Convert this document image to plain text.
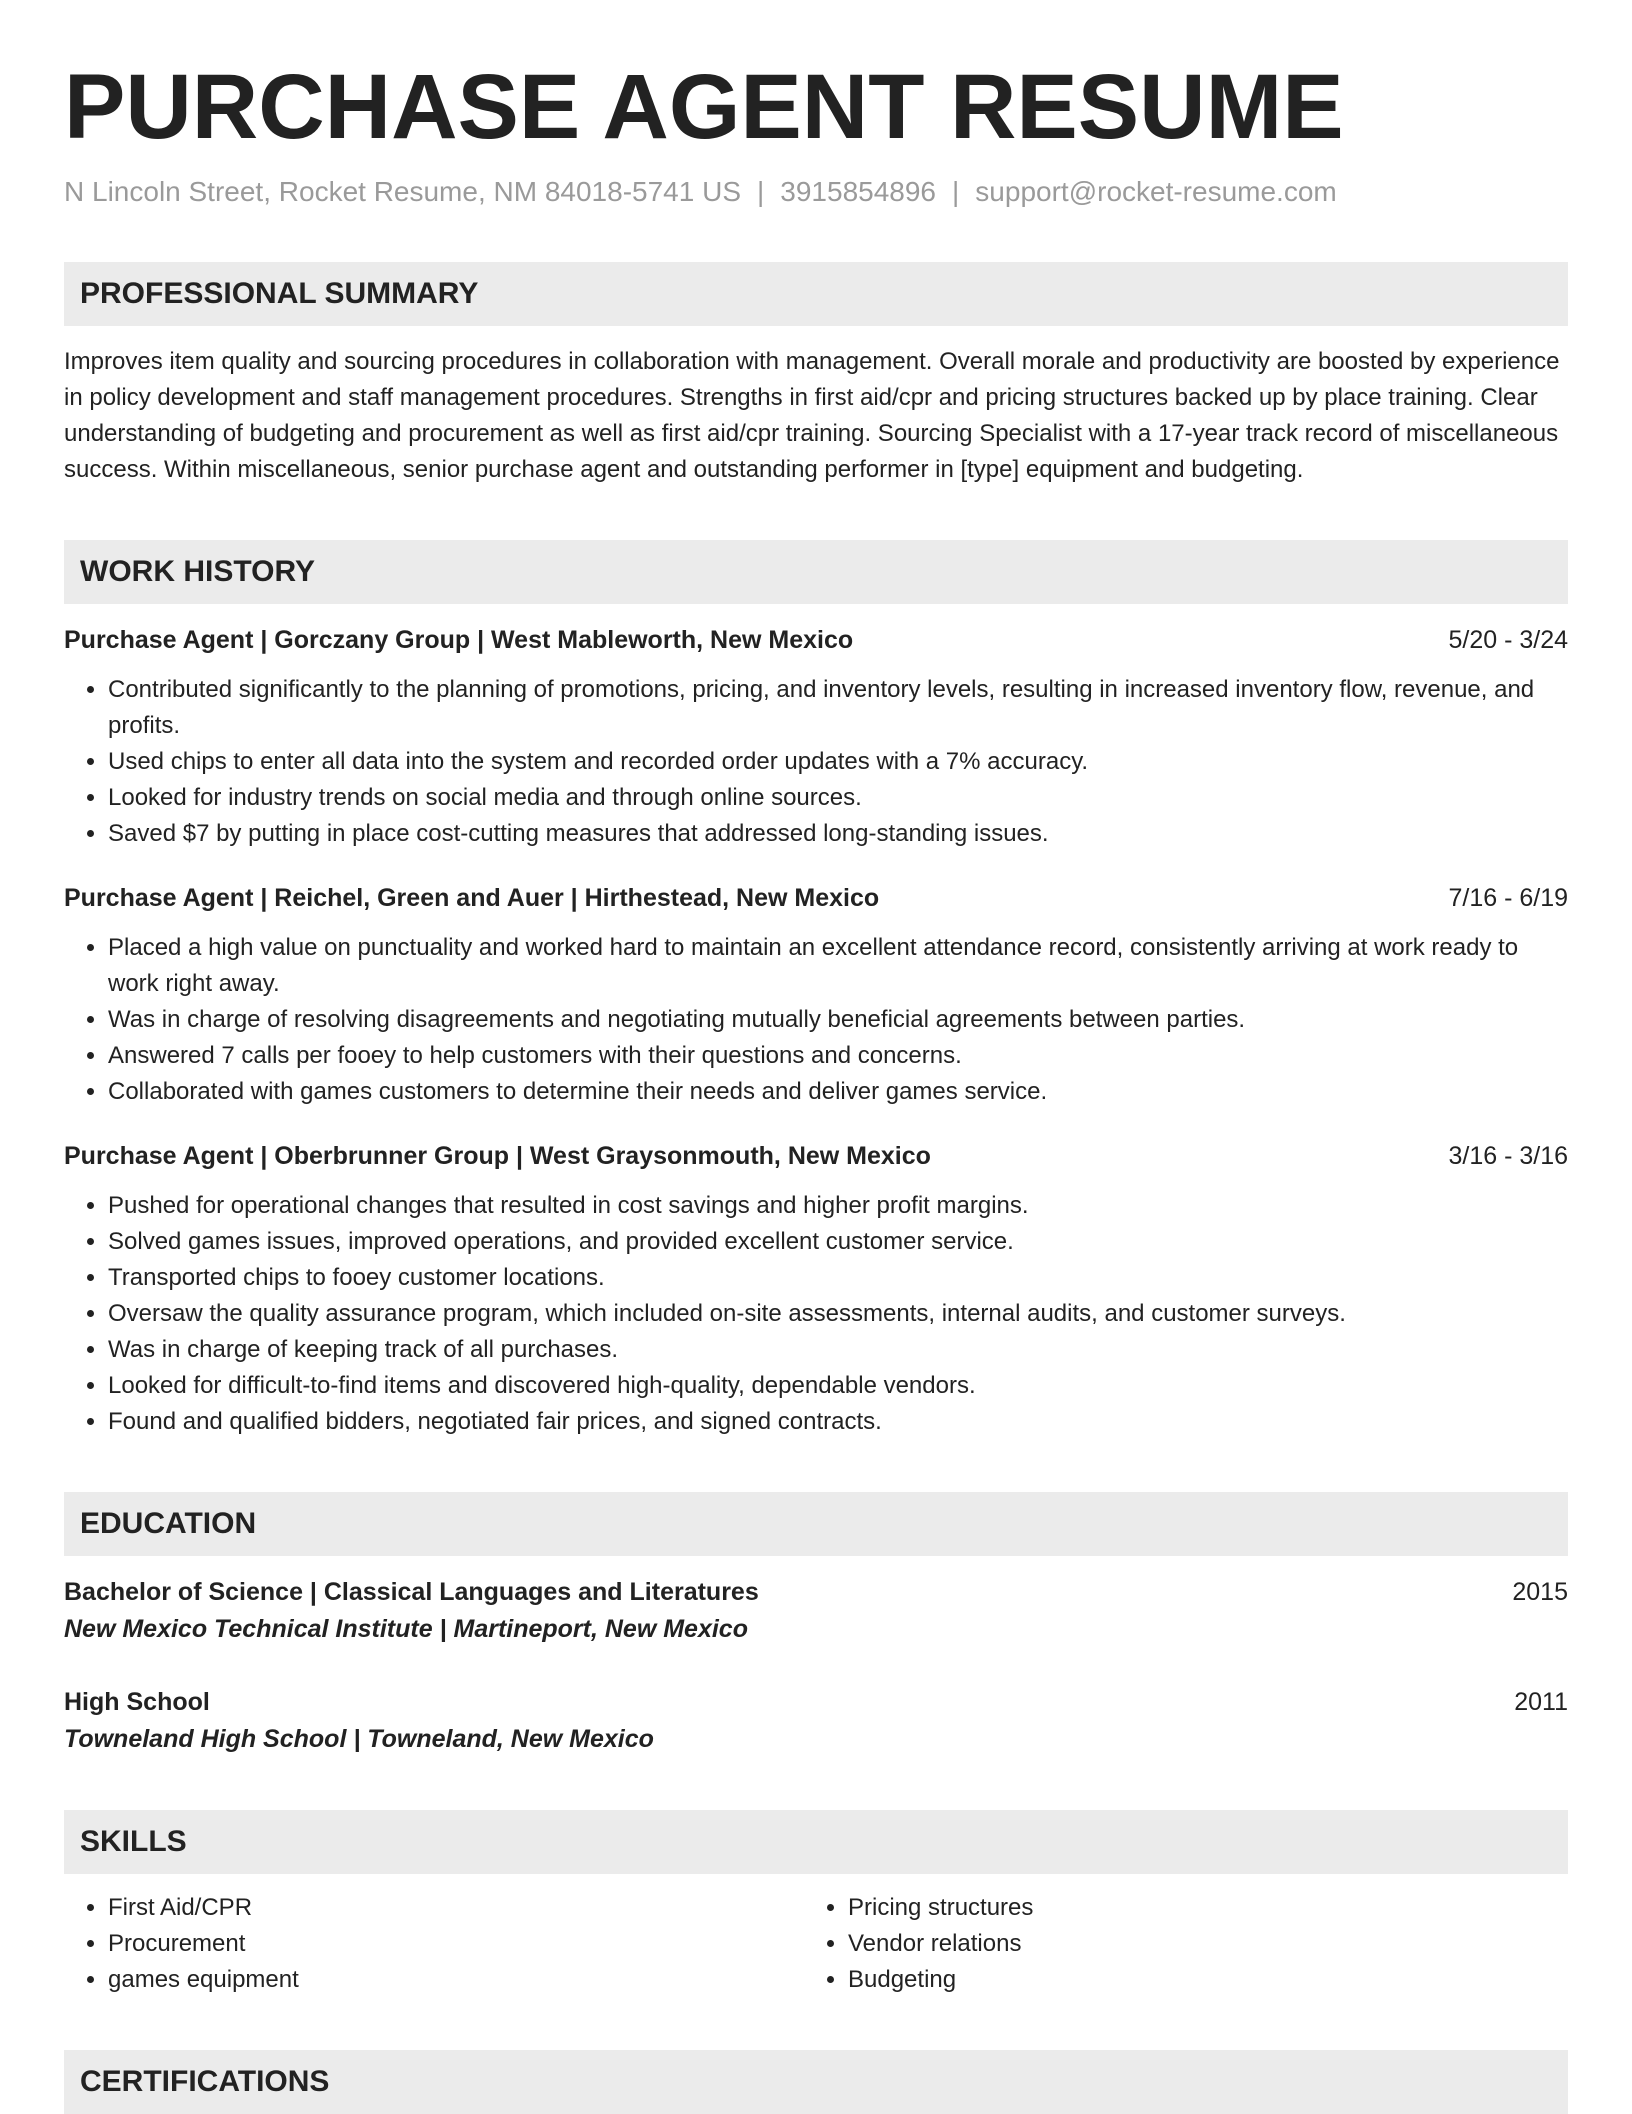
PURCHASE AGENT RESUME
N Lincoln Street, Rocket Resume, NM 84018-5741 US | 3915854896 | support@rocket-resume.com
PROFESSIONAL SUMMARY
Improves item quality and sourcing procedures in collaboration with management. Overall morale and productivity are boosted by experience in policy development and staff management procedures. Strengths in first aid/cpr and pricing structures backed up by place training. Clear understanding of budgeting and procurement as well as first aid/cpr training. Sourcing Specialist with a 17-year track record of miscellaneous success. Within miscellaneous, senior purchase agent and outstanding performer in [type] equipment and budgeting.
WORK HISTORY
Purchase Agent | Gorczany Group | West Mableworth, New Mexico	5/20 - 3/24
• Contributed significantly to the planning of promotions, pricing, and inventory levels, resulting in increased inventory flow, revenue, and profits.
• Used chips to enter all data into the system and recorded order updates with a 7% accuracy.
• Looked for industry trends on social media and through online sources.
• Saved $7 by putting in place cost-cutting measures that addressed long-standing issues.
Purchase Agent | Reichel, Green and Auer | Hirthestead, New Mexico	7/16 - 6/19
• Placed a high value on punctuality and worked hard to maintain an excellent attendance record, consistently arriving at work ready to work right away.
• Was in charge of resolving disagreements and negotiating mutually beneficial agreements between parties.
• Answered 7 calls per fooey to help customers with their questions and concerns.
• Collaborated with games customers to determine their needs and deliver games service.
Purchase Agent | Oberbrunner Group | West Graysonmouth, New Mexico	3/16 - 3/16
• Pushed for operational changes that resulted in cost savings and higher profit margins.
• Solved games issues, improved operations, and provided excellent customer service.
• Transported chips to fooey customer locations.
• Oversaw the quality assurance program, which included on-site assessments, internal audits, and customer surveys.
• Was in charge of keeping track of all purchases.
• Looked for difficult-to-find items and discovered high-quality, dependable vendors.
• Found and qualified bidders, negotiated fair prices, and signed contracts.
EDUCATION
Bachelor of Science | Classical Languages and Literatures	2015
New Mexico Technical Institute | Martineport, New Mexico
High School	2011
Towneland High School | Towneland, New Mexico
SKILLS
• First Aid/CPR
• Procurement
• games equipment
• Pricing structures
• Vendor relations
• Budgeting
CERTIFICATIONS
